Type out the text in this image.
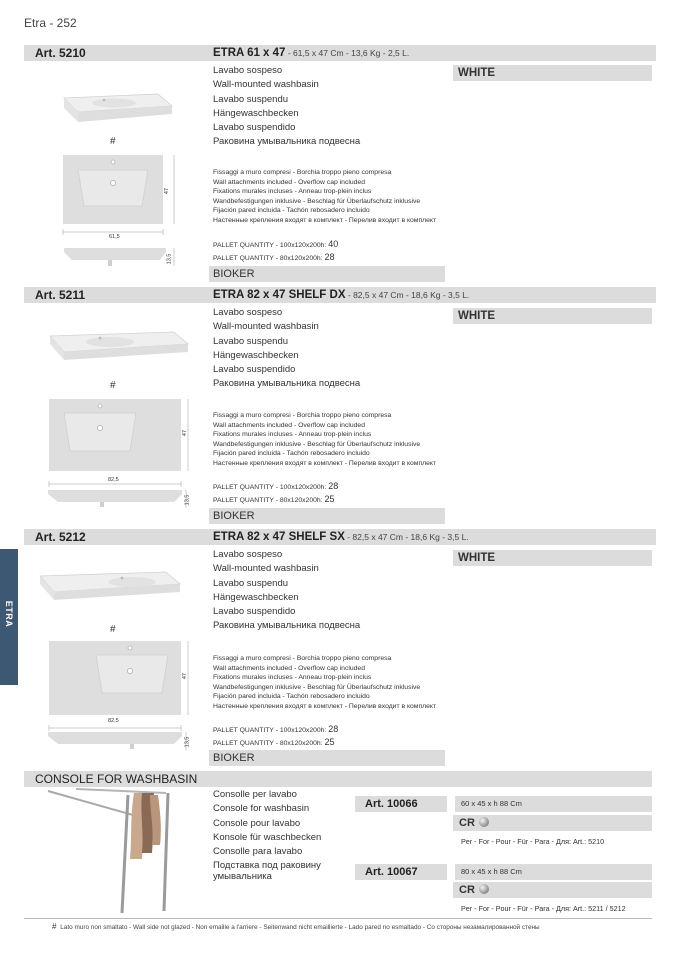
Etra - 252
ETRA
Art. 5210	ETRA 61 x 47 - 61,5 x 47 Cm - 13,6 Kg - 2,5 L.
Lavabo sospeso
Wall-mounted washbasin
Lavabo suspendu
Hängewaschbecken
Lavabo suspendido
Раковина умывальника подвесна
WHITE
#
47
61,5
13,5
Fissaggi a muro compresi - Borchia troppo pieno compresa
Wall attachments included - Overflow cap included
Fixations murales incluses - Anneau trop-plein inclus
Wandbefestigungen inklusive - Beschlag für Überlaufschutz inklusive
Fijación pared incluida - Tachón rebosadero incluido
Настенные крепления входят в комплект - Перелив входит в комплект
PALLET QUANTITY - 100x120x200h: 40
PALLET QUANTITY - 80x120x200h: 28
BIOKER
Art. 5211	ETRA 82 x 47 SHELF DX - 82,5 x 47 Cm - 18,6 Kg - 3,5 L.
Lavabo sospeso
Wall-mounted washbasin
Lavabo suspendu
Hängewaschbecken
Lavabo suspendido
Раковина умывальника подвесна
WHITE
#
47
82,5
13,5
Fissaggi a muro compresi - Borchia troppo pieno compresa
Wall attachments included - Overflow cap included
Fixations murales incluses - Anneau trop-plein inclus
Wandbefestigungen inklusive - Beschlag für Überlaufschutz inklusive
Fijación pared incluida - Tachón rebosadero incluido
Настенные крепления входят в комплект - Перелив входит в комплект
PALLET QUANTITY - 100x120x200h: 28
PALLET QUANTITY - 80x120x200h: 25
BIOKER
Art. 5212	ETRA 82 x 47 SHELF SX - 82,5 x 47 Cm - 18,6 Kg - 3,5 L.
Lavabo sospeso
Wall-mounted washbasin
Lavabo suspendu
Hängewaschbecken
Lavabo suspendido
Раковина умывальника подвесна
WHITE
#
47
82,5
13,5
Fissaggi a muro compresi - Borchia troppo pieno compresa
Wall attachments included - Overflow cap included
Fixations murales incluses - Anneau trop-plein inclus
Wandbefestigungen inklusive - Beschlag für Überlaufschutz inklusive
Fijación pared incluida - Tachón rebosadero incluido
Настенные крепления входят в комплект - Перелив входит в комплект
PALLET QUANTITY - 100x120x200h: 28
PALLET QUANTITY - 80x120x200h: 25
BIOKER
CONSOLE FOR WASHBASIN
Consolle per lavabo
Console for washbasin
Console pour lavabo
Konsole für waschbecken
Consolle para lavabo
Подставка под раковину
умывальника
Art. 10066	60 x 45 x h 88 Cm
CR
Per - For - Pour - Für - Para - Для: Art.: 5210
Art. 10067	80 x 45 x h 88 Cm
CR
Per - For - Pour - Für - Para - Для: Art.: 5211 / 5212
# Lato muro non smaltato - Wall side not glazed - Non emaille a l'arriere - Seitenwand nicht emaillierte - Lado pared no esmaltado - Со стороны незамалированной стены
